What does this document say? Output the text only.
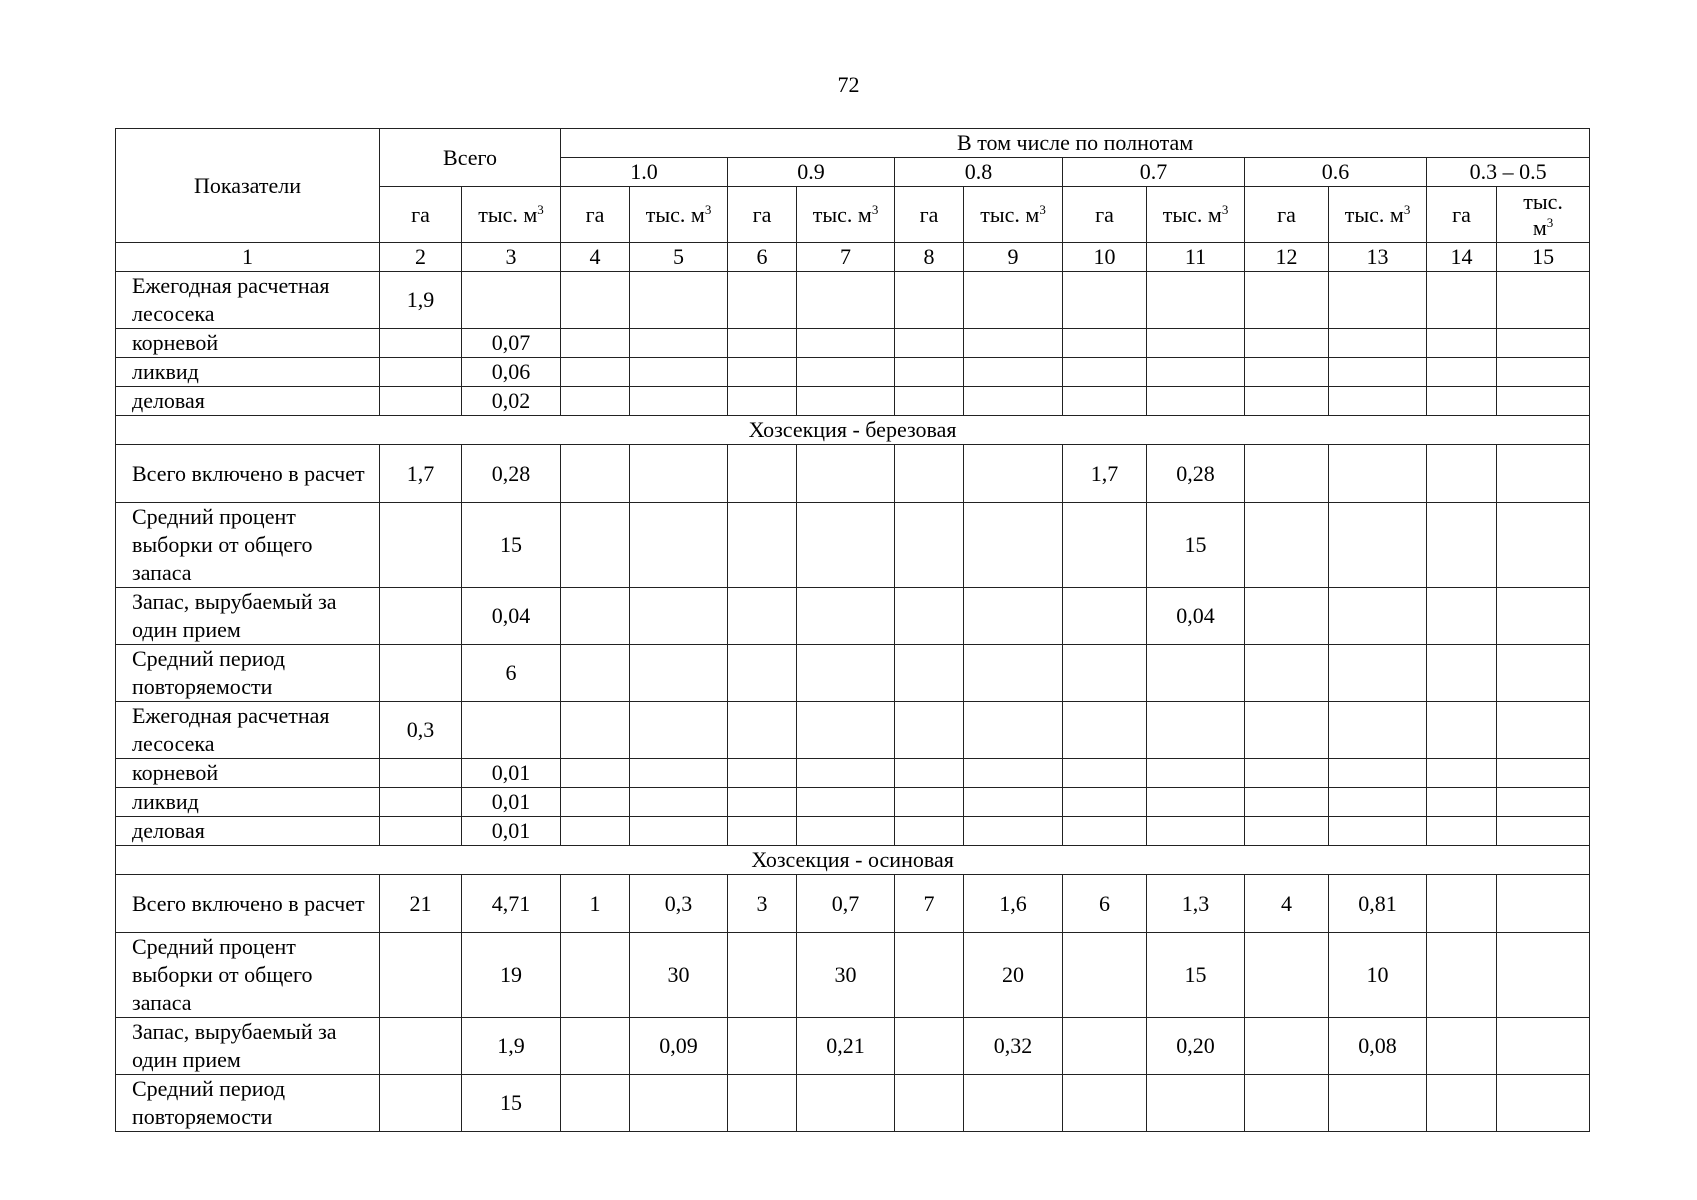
72
Показатели	Всего		В том числе по полнотам											
			1.0		0.9		0.8		0.7		0.6		0.3 – 0.5	
	га	тыс. $м^3$	га	тыс. $м^3$	га	тыс. $м^3$	га	тыс. $м^3$	га	тыс. $м^3$	га	тыс. $м^3$	га	тыс.
$м^3$
1	2	3	4	5	6	7	8	9	10	11	12	13	14	15
Ежегодная расчетная лесосека	1,9													
корневой		0,07												
ликвид		0,06												
деловая		0,02												
Хозсекция - березовая														
Всего включено в расчет	1,7	0,28							1,7	0,28				
Средний процент выборки от общего запаса		15								15				
Запас, вырубаемый за один прием		0,04								0,04				
Средний период повторяемости		6												
Ежегодная расчетная лесосека	0,3													
корневой		0,01												
ликвид		0,01												
деловая		0,01												
Хозсекция - осиновая														
Всего включено в расчет	21	4,71	1	0,3	3	0,7	7	1,6	6	1,3	4	0,81		
Средний процент выборки от общего запаса		19		30		30		20		15		10		
Запас, вырубаемый за один прием		1,9		0,09		0,21		0,32		0,20		0,08		
Средний период повторяемости		15												
